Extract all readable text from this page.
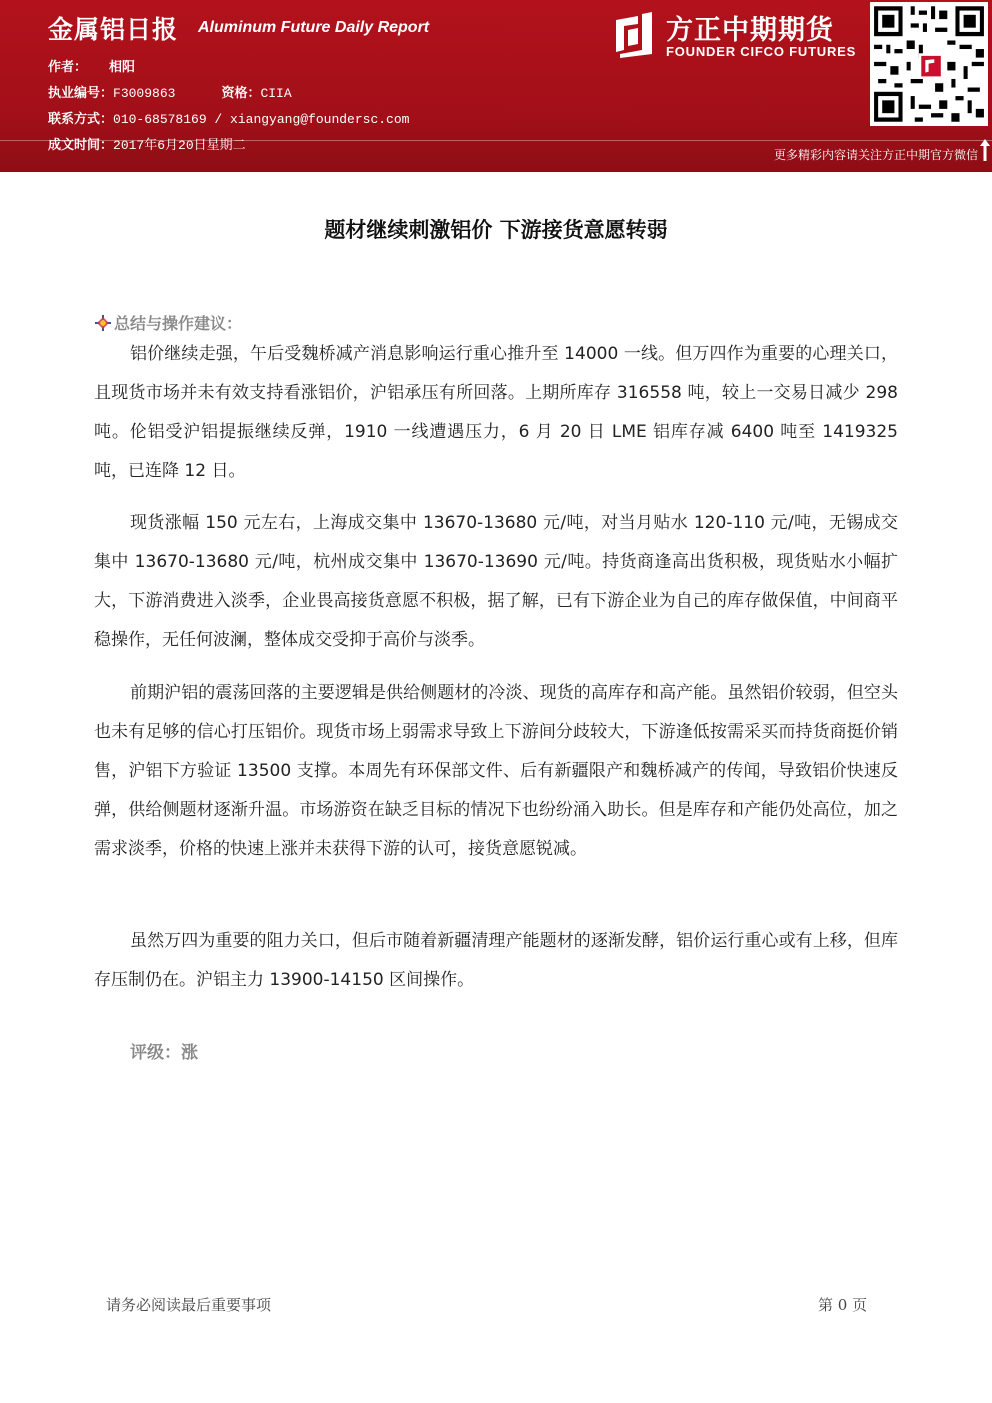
金属铝日报 Aluminum Future Daily Report
作者： 相阳
执业编号：F3009863	资格：CIIA
联系方式：010-68578169 / xiangyang@foundersc.com
成文时间：2017年6月20日星期二
方正中期期货
FOUNDER CIFCO FUTURES
更多精彩内容请关注方正中期官方微信
题材继续刺激铝价 下游接货意愿转弱
总结与操作建议：

铝价继续走强，午后受魏桥减产消息影响运行重心推升至 14000 一线。但万四作为重要的心理关口，且现货市场并未有效支持看涨铝价，沪铝承压有所回落。上期所库存 316558 吨，较上一交易日减少 298 吨。伦铝受沪铝提振继续反弹，1910 一线遭遇压力，6 月 20 日 LME 铝库存减 6400 吨至 1419325 吨，已连降 12 日。

现货涨幅 150 元左右，上海成交集中 13670-13680 元/吨，对当月贴水 120-110 元/吨，无锡成交集中 13670-13680 元/吨，杭州成交集中 13670-13690 元/吨。持货商逢高出货积极，现货贴水小幅扩大，下游消费进入淡季，企业畏高接货意愿不积极，据了解，已有下游企业为自己的库存做保值，中间商平稳操作，无任何波澜，整体成交受抑于高价与淡季。

前期沪铝的震荡回落的主要逻辑是供给侧题材的冷淡、现货的高库存和高产能。虽然铝价较弱，但空头也未有足够的信心打压铝价。现货市场上弱需求导致上下游间分歧较大，下游逢低按需采买而持货商挺价销售，沪铝下方验证 13500 支撑。本周先有环保部文件、后有新疆限产和魏桥减产的传闻，导致铝价快速反弹，供给侧题材逐渐升温。市场游资在缺乏目标的情况下也纷纷涌入助长。但是库存和产能仍处高位，加之需求淡季，价格的快速上涨并未获得下游的认可，接货意愿锐减。

虽然万四为重要的阻力关口，但后市随着新疆清理产能题材的逐渐发酵，铝价运行重心或有上移，但库存压制仍在。沪铝主力 13900-14150 区间操作。

评级：涨
请务必阅读最后重要事项	第 0 页
